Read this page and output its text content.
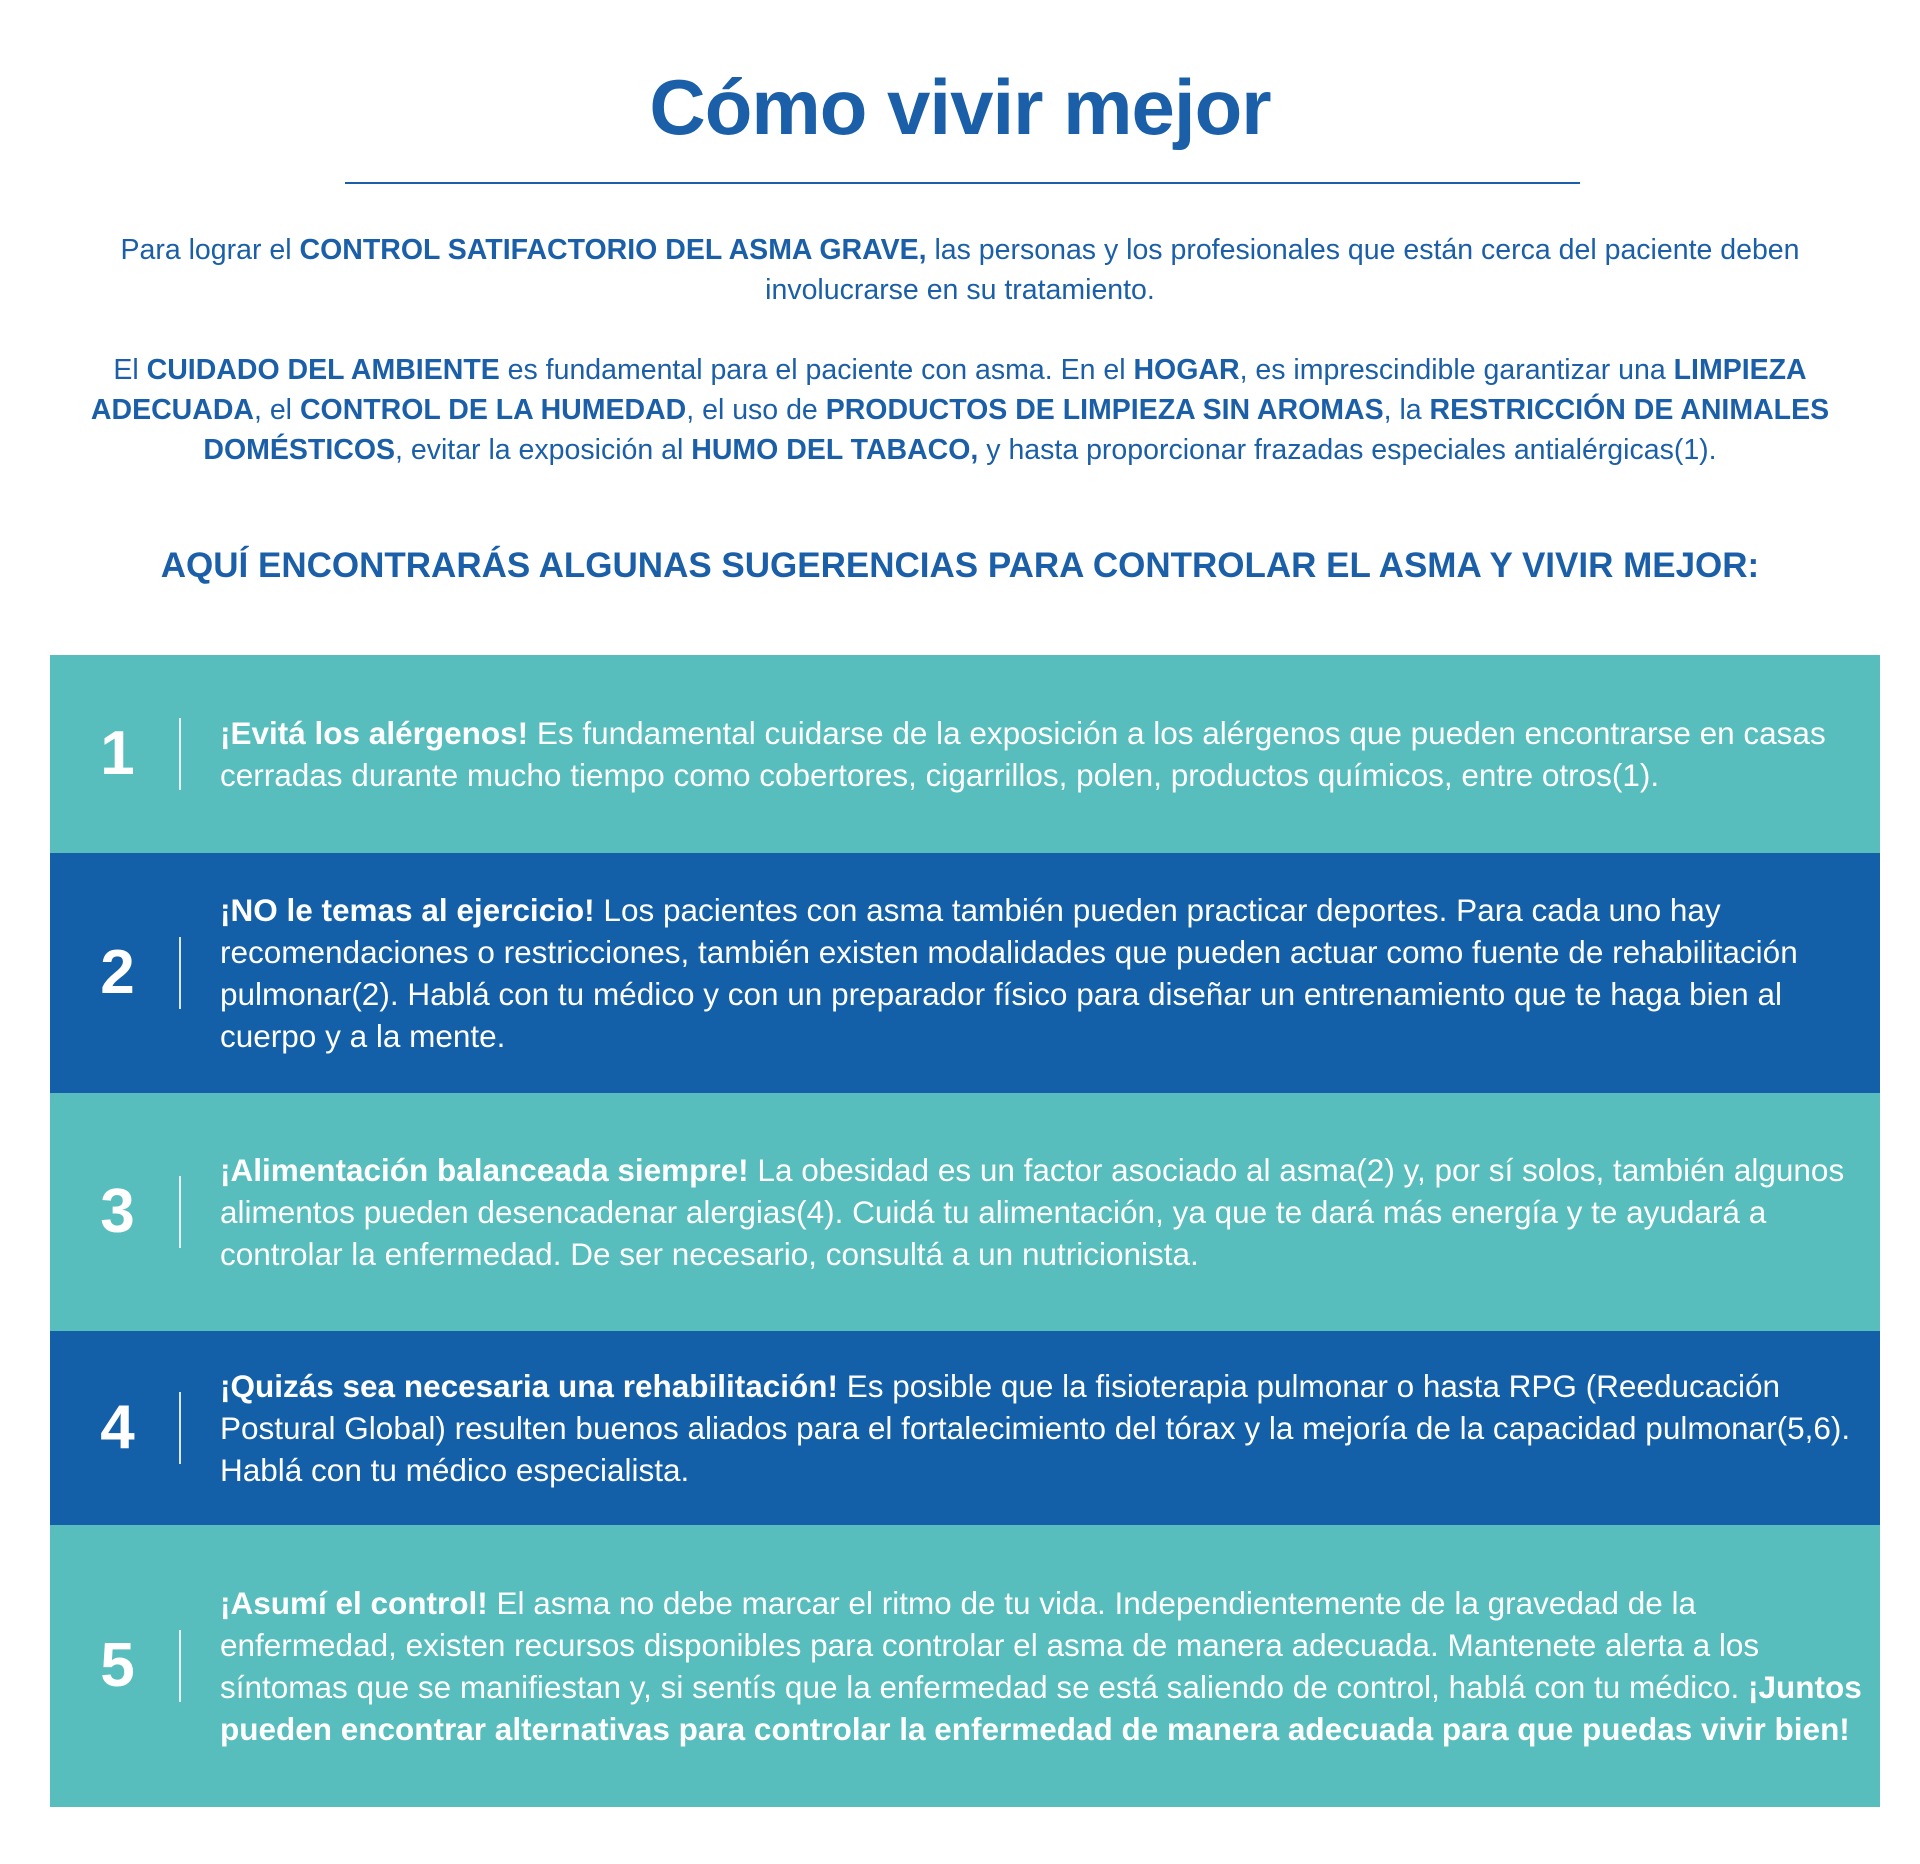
Cómo vivir mejor

Para lograr el CONTROL SATIFACTORIO DEL ASMA GRAVE, las personas y los profesionales que están cerca del paciente deben involucrarse en su tratamiento.

El CUIDADO DEL AMBIENTE es fundamental para el paciente con asma. En el HOGAR, es imprescindible garantizar una LIMPIEZA ADECUADA, el CONTROL DE LA HUMEDAD, el uso de PRODUCTOS DE LIMPIEZA SIN AROMAS, la RESTRICCIÓN DE ANIMALES DOMÉSTICOS, evitar la exposición al HUMO DEL TABACO, y hasta proporcionar frazadas especiales antialérgicas(1).

AQUÍ ENCONTRARÁS ALGUNAS SUGERENCIAS PARA CONTROLAR EL ASMA Y VIVIR MEJOR:
1	¡Evitá los alérgenos! Es fundamental cuidarse de la exposición a los alérgenos que pueden encontrarse en casas cerradas durante mucho tiempo como cobertores, cigarrillos, polen, productos químicos, entre otros(1).
2
¡NO le temas al ejercicio! Los pacientes con asma también pueden practicar deportes. Para cada uno hay recomendaciones o restricciones, también existen modalidades que pueden actuar como fuente de rehabilitación pulmonar(2). Hablá con tu médico y con un preparador físico para diseñar un entrenamiento que te haga bien al cuerpo y a la mente.
3
¡Alimentación balanceada siempre! La obesidad es un factor asociado al asma(2) y, por sí solos, también algunos alimentos pueden desencadenar alergias(4). Cuidá tu alimentación, ya que te dará más energía y te ayudará a controlar la enfermedad. De ser necesario, consultá a un nutricionista.
4
¡Quizás sea necesaria una rehabilitación! Es posible que la fisioterapia pulmonar o hasta RPG (Reeducación Postural Global) resulten buenos aliados para el fortalecimiento del tórax y la mejoría de la capacidad pulmonar(5,6). Hablá con tu médico especialista.
5
¡Asumí el control! El asma no debe marcar el ritmo de tu vida. Independientemente de la gravedad de la enfermedad, existen recursos disponibles para controlar el asma de manera adecuada. Mantenete alerta a los síntomas que se manifiestan y, si sentís que la enfermedad se está saliendo de control, hablá con tu médico. ¡Juntos pueden encontrar alternativas para controlar la enfermedad de manera adecuada para que puedas vivir bien!
